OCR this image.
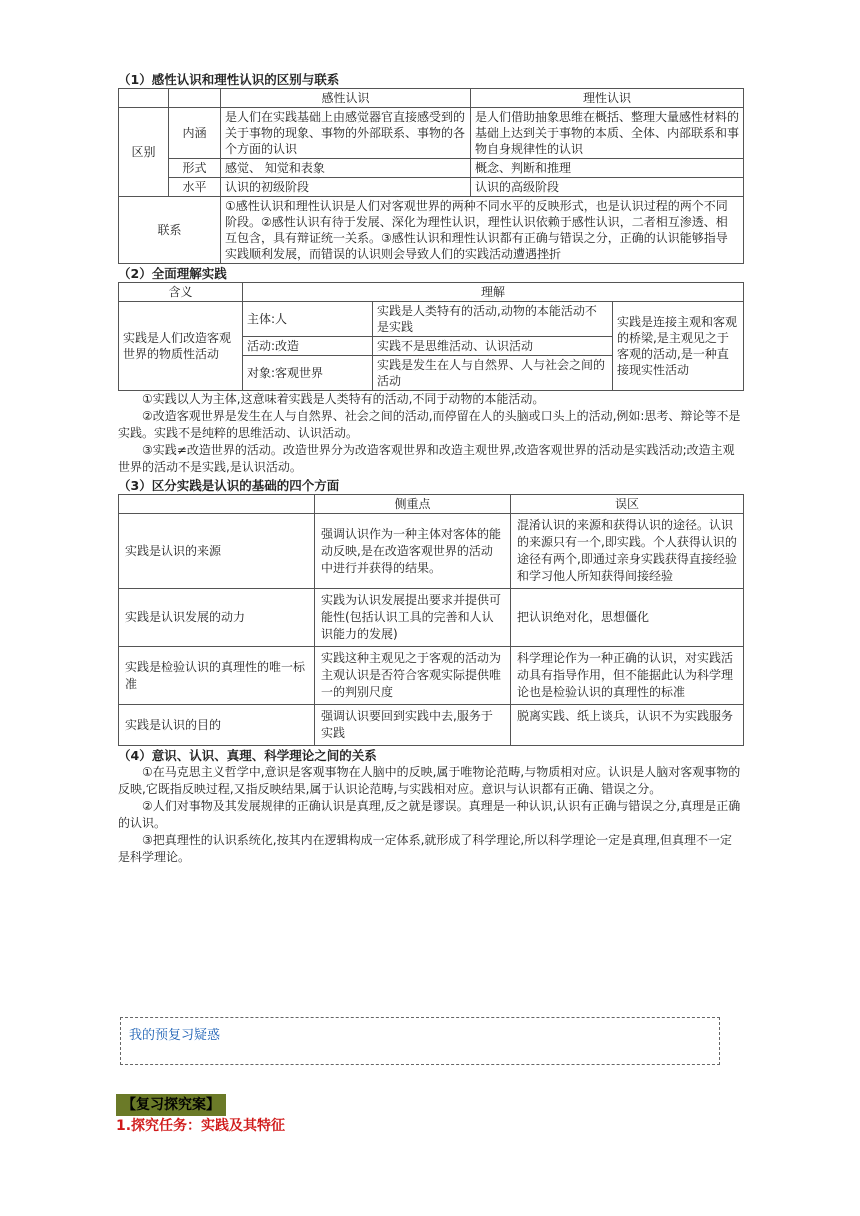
（1）感性认识和理性认识的区别与联系

		感性认识	理性认识
区别	内涵	是人们在实践基础上由感觉器官直接感受到的关于事物的现象、事物的外部联系、事物的各个方面的认识	是人们借助抽象思维在概括、整理大量感性材料的基础上达到关于事物的本质、全体、内部联系和事物自身规律性的认识
	形式	感觉、 知觉和表象	概念、判断和推理
	水平	认识的初级阶段	认识的高级阶段
联系		①感性认识和理性认识是人们对客观世界的两种不同水平的反映形式，也是认识过程的两个不同阶段。②感性认识有待于发展、深化为理性认识，理性认识依赖于感性认识，二者相互渗透、相互包含，具有辩证统一关系。③感性认识和理性认识都有正确与错误之分，正确的认识能够指导实践顺利发展，而错误的认识则会导致人们的实践活动遭遇挫折	

（2）全面理解实践

含义	理解		
实践是人们改造客观世界的物质性活动	主体:人	实践是人类特有的活动,动物的本能活动不是实践	实践是连接主观和客观的桥梁,是主观见之于客观的活动,是一种直接现实性活动
	活动:改造	实践不是思维活动、认识活动	
	对象:客观世界	实践是发生在人与自然界、人与社会之间的活动	

①实践以人为主体,这意味着实践是人类特有的活动,不同于动物的本能活动。

②改造客观世界是发生在人与自然界、社会之间的活动,而停留在人的头脑或口头上的活动,例如:思考、辩论等不是实践。实践不是纯粹的思维活动、认识活动。

③实践≠改造世界的活动。改造世界分为改造客观世界和改造主观世界,改造客观世界的活动是实践活动;改造主观世界的活动不是实践,是认识活动。

（3）区分实践是认识的基础的四个方面

	侧重点	误区
实践是认识的来源	强调认识作为一种主体对客体的能动反映,是在改造客观世界的活动中进行并获得的结果。	混淆认识的来源和获得认识的途径。认识的来源只有一个,即实践。个人获得认识的途径有两个,即通过亲身实践获得直接经验和学习他人所知获得间接经验
实践是认识发展的动力	实践为认识发展提出要求并提供可能性(包括认识工具的完善和人认识能力的发展)	把认识绝对化，思想僵化
实践是检验认识的真理性的唯一标准	实践这种主观见之于客观的活动为主观认识是否符合客观实际提供唯一的判别尺度	科学理论作为一种正确的认识，对实践活动具有指导作用，但不能据此认为科学理论也是检验认识的真理性的标准
实践是认识的目的	强调认识要回到实践中去,服务于实践	脱离实践、纸上谈兵，认识不为实践服务

（4）意识、认识、真理、科学理论之间的关系

①在马克思主义哲学中,意识是客观事物在人脑中的反映,属于唯物论范畴,与物质相对应。认识是人脑对客观事物的反映,它既指反映过程,又指反映结果,属于认识论范畴,与实践相对应。意识与认识都有正确、错误之分。

②人们对事物及其发展规律的正确认识是真理,反之就是谬误。真理是一种认识,认识有正确与错误之分,真理是正确的认识。

③把真理性的认识系统化,按其内在逻辑构成一定体系,就形成了科学理论,所以科学理论一定是真理,但真理不一定是科学理论。

我的预复习疑惑
【复习探究案】
1.探究任务：实践及其特征
